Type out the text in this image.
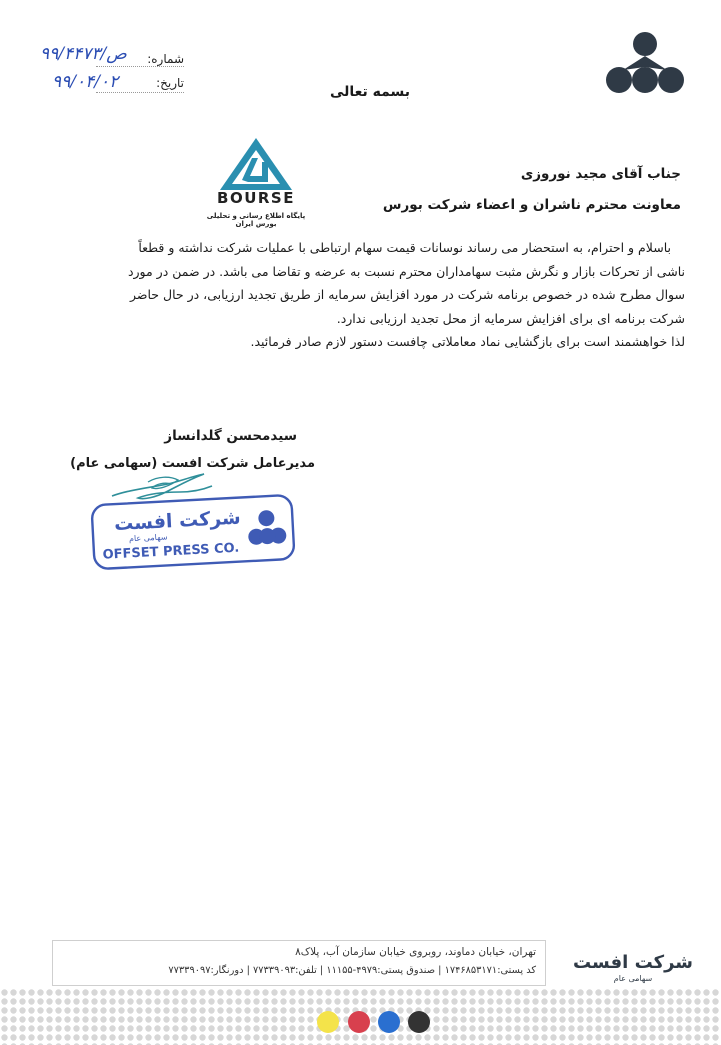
شماره:
۹۹/ص/۴۴۷۳
تاریخ:
۹۹/۰۴/۰۲	بسمه تعالی
BOURSE
پایگاه اطلاع رسانی و تحلیلی بورس ایران
جناب آقای مجید نوروزی
معاونت محترم ناشران و اعضاء شرکت بورس

باسلام و احترام، به استحضار می رساند نوسانات قیمت سهام ارتباطی با عملیات شرکت نداشته و قطعاً

ناشی از تحرکات بازار و نگرش مثبت سهامداران محترم نسبت به عرضه و تقاضا می باشد. در ضمن در مورد

سوال مطرح شده در خصوص برنامه شرکت در مورد افزایش سرمایه از طریق تجدید ارزیابی، در حال حاضر

شرکت برنامه ای برای افزایش سرمایه از محل تجدید ارزیابی ندارد.

لذا خواهشمند است برای بازگشایی نماد معاملاتی چافست دستور لازم صادر فرمائید.

سیدمحسن گلدانساز
مدیرعامل شرکت افست (سهامی عام)
شرکت افست
سهامی عام
OFFSET PRESS CO.
تهران، خیابان دماوند، روبروی خیابان سازمان آب، پلاک۸
کد پستی:۱۷۴۶۸۵۳۱۷۱ | صندوق پستی:۴۹۷۹-۱۱۱۵۵ | تلفن:۷۷۳۳۹۰۹۳ | دورنگار:۷۷۳۳۹۰۹۷	شرکت افست
سهامی عام
